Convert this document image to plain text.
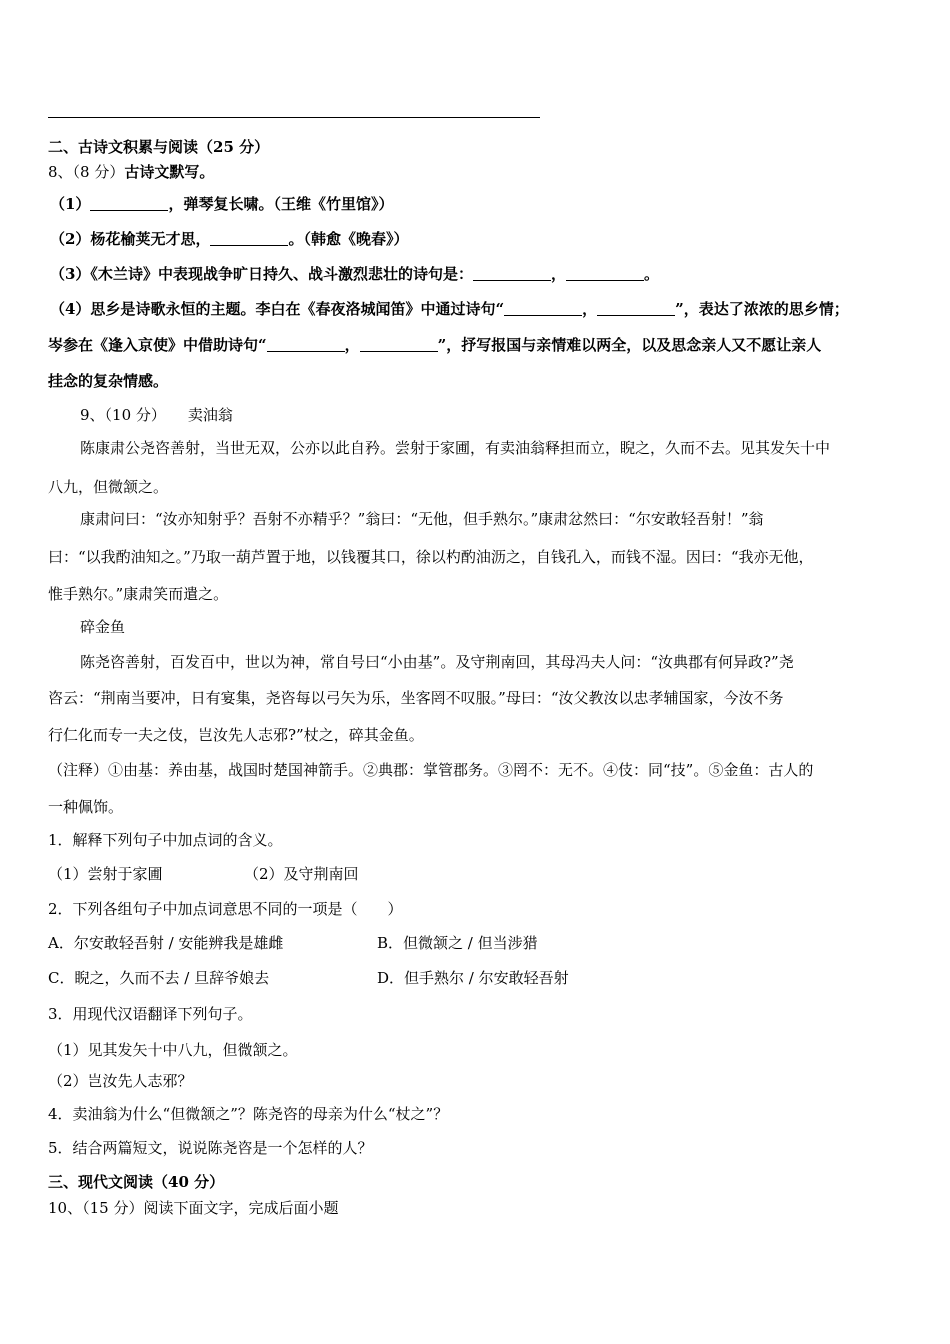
二、古诗文积累与阅读（25 分）
8、（8 分）古诗文默写。
（1）	，弹琴复长啸。（王维《竹里馆》）
（2）杨花榆荚无才思，	。（韩愈《晚春》）
（3）《木兰诗》中表现战争旷日持久、战斗激烈悲壮的诗句是：	，	。
（4）思乡是诗歌永恒的主题。李白在《春夜洛城闻笛》中通过诗句“	，	”，表达了浓浓的思乡情；
岑参在《逢入京使》中借助诗句“	，	”，抒写报国与亲情难以两全，以及思念亲人又不愿让亲人
挂念的复杂情感。
9、（10 分） 卖油翁
陈康肃公尧咨善射，当世无双，公亦以此自矜。尝射于家圃，有卖油翁释担而立，睨之，久而不去。见其发矢十中
八九，但微颔之。
康肃问曰：“汝亦知射乎？吾射不亦精乎？”翁曰：“无他，但手熟尔。”康肃忿然曰：“尔安敢轻吾射！”翁
曰：“以我酌油知之。”乃取一葫芦置于地，以钱覆其口，徐以杓酌油沥之，自钱孔入，而钱不湿。因曰：“我亦无他，
惟手熟尔。”康肃笑而遣之。
碎金鱼
陈尧咨善射，百发百中，世以为神，常自号曰“小由基”。及守荆南回，其母冯夫人问：“汝典郡有何异政?”尧
咨云：“荆南当要冲，日有宴集，尧咨每以弓矢为乐，坐客罔不叹服。”母曰：“汝父教汝以忠孝辅国家，今汝不务
行仁化而专一夫之伎，岂汝先人志邪?”杖之，碎其金鱼。
（注释）①由基：养由基，战国时楚国神箭手。②典郡：掌管郡务。③罔不：无不。④伎：同“技”。⑤金鱼：古人的
一种佩饰。
1．解释下列句子中加点词的含义。
（1）尝射于家圃	（2）及守荆南回
2．下列各组句子中加点词意思不同的一项是（　　）
A．尔安敢轻吾射 / 安能辨我是雄雌	B．但微颔之 / 但当涉猎
C．睨之，久而不去 / 旦辞爷娘去	D．但手熟尔 / 尔安敢轻吾射
3．用现代汉语翻译下列句子。
（1）见其发矢十中八九，但微颔之。
（2）岂汝先人志邪？
4．卖油翁为什么“但微颔之”？陈尧咨的母亲为什么“杖之”？
5．结合两篇短文，说说陈尧咨是一个怎样的人？
三、现代文阅读（40 分）
10、（15 分）阅读下面文字，完成后面小题
